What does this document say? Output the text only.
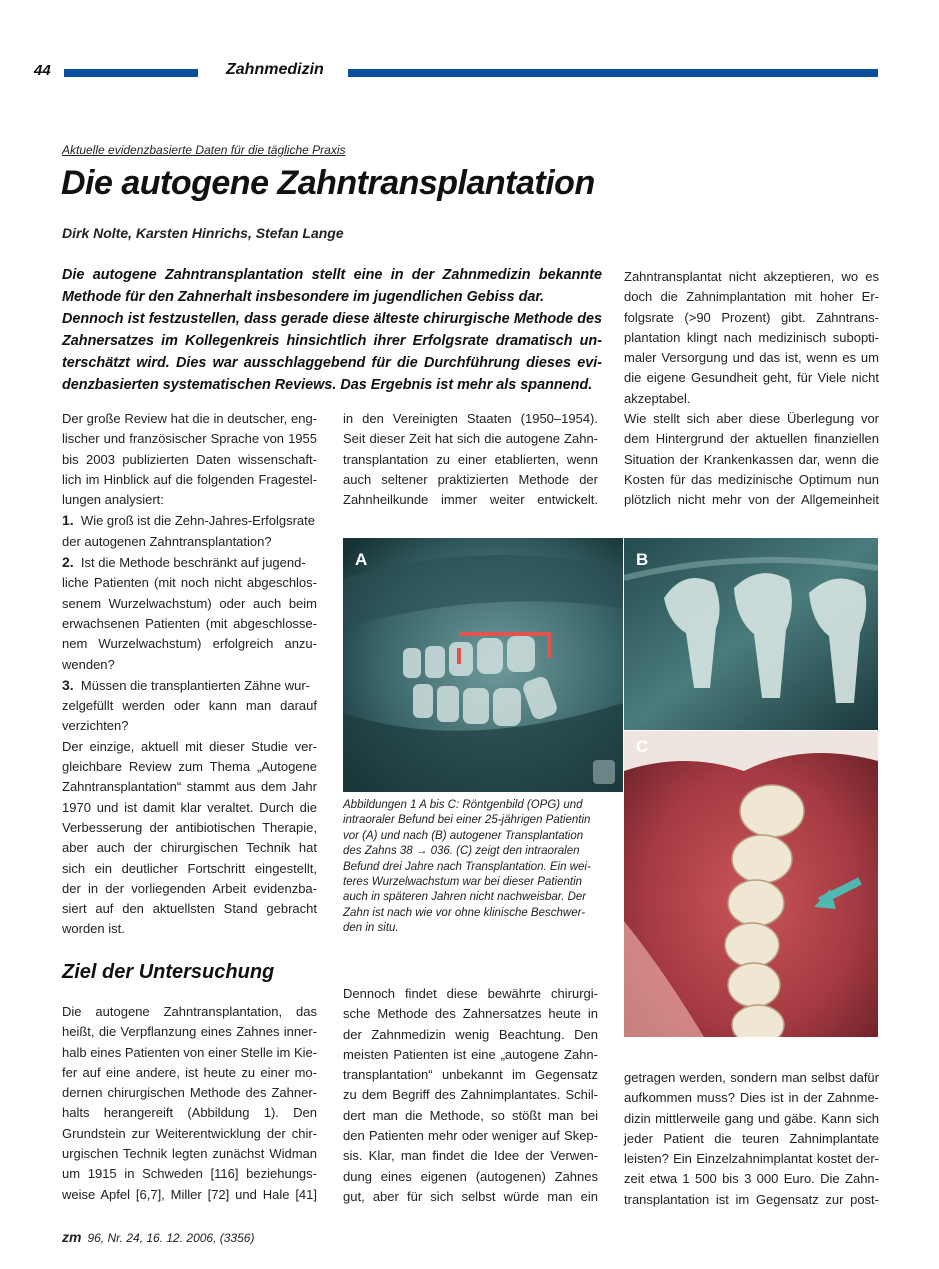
44	Zahnmedizin
Aktuelle evidenzbasierte Daten für die tägliche Praxis
Die autogene Zahntransplantation
Dirk Nolte, Karsten Hinrichs, Stefan Lange
Die autogene Zahntransplantation stellt eine in der Zahnmedizin bekannte
Methode für den Zahnerhalt insbesondere im jugendlichen Gebiss dar.
Dennoch ist festzustellen, dass gerade diese älteste chirurgische Methode des
Zahnersatzes im Kollegenkreis hinsichtlich ihrer Erfolgsrate dramatisch un-
terschätzt wird. Dies war ausschlaggebend für die Durchführung dieses evi-
denzbasierten systematischen Reviews. Das Ergebnis ist mehr als spannend.
Der große Review hat die in deutscher, eng-
lischer und französischer Sprache von 1955
bis 2003 publizierten Daten wissenschaft-
lich im Hinblick auf die folgenden Fragestel-
lungen analysiert:
1. Wie groß ist die Zehn-Jahres-Erfolgsrate
der autogenen Zahntransplantation?
2. Ist die Methode beschränkt auf jugend-
liche Patienten (mit noch nicht abgeschlos-
senem Wurzelwachstum) oder auch beim
erwachsenen Patienten (mit abgeschlosse-
nem Wurzelwachstum) erfolgreich anzu-
wenden?
3. Müssen die transplantierten Zähne wur-
zelgefüllt werden oder kann man darauf
verzichten?
Der einzige, aktuell mit dieser Studie ver-
gleichbare Review zum Thema „Autogene
Zahntransplantation“ stammt aus dem Jahr
1970 und ist damit klar veraltet. Durch die
Verbesserung der antibiotischen Therapie,
aber auch der chirurgischen Technik hat
sich ein deutlicher Fortschritt eingestellt,
der in der vorliegenden Arbeit evidenzba-
siert auf den aktuellsten Stand gebracht
worden ist.
Ziel der Untersuchung
Die autogene Zahntransplantation, das
heißt, die Verpflanzung eines Zahnes inner-
halb eines Patienten von einer Stelle im Kie-
fer auf eine andere, ist heute zu einer mo-
dernen chirurgischen Methode des Zahner-
halts herangereift (Abbildung 1). Den
Grundstein zur Weiterentwicklung der chir-
urgischen Technik legten zunächst Widman
um 1915 in Schweden [116] beziehungs-
weise Apfel [6,7], Miller [72] und Hale [41]
in den Vereinigten Staaten (1950–1954).
Seit dieser Zeit hat sich die autogene Zahn-
transplantation zu einer etablierten, wenn
auch seltener praktizierten Methode der
Zahnheilkunde immer weiter entwickelt.
A	B
C
Abbildungen 1 A bis C: Röntgenbild (OPG) und
intraoraler Befund bei einer 25-jährigen Patientin
vor (A) und nach (B) autogener Transplantation
des Zahns 38 → 036. (C) zeigt den intraoralen
Befund drei Jahre nach Transplantation. Ein wei-
teres Wurzelwachstum war bei dieser Patientin
auch in späteren Jahren nicht nachweisbar. Der
Zahn ist nach wie vor ohne klinische Beschwer-
den in situ.
Dennoch findet diese bewährte chirurgi-
sche Methode des Zahnersatzes heute in
der Zahnmedizin wenig Beachtung. Den
meisten Patienten ist eine „autogene Zahn-
transplantation“ unbekannt im Gegensatz
zu dem Begriff des Zahnimplantates. Schil-
dert man die Methode, so stößt man bei
den Patienten mehr oder weniger auf Skep-
sis. Klar, man findet die Idee der Verwen-
dung eines eigenen (autogenen) Zahnes
gut, aber für sich selbst würde man ein
Zahntransplantat nicht akzeptieren, wo es
doch die Zahnimplantation mit hoher Er-
folgsrate (>90 Prozent) gibt. Zahntrans-
plantation klingt nach medizinisch subopti-
maler Versorgung und das ist, wenn es um
die eigene Gesundheit geht, für Viele nicht
akzeptabel.
Wie stellt sich aber diese Überlegung vor
dem Hintergrund der aktuellen finanziellen
Situation der Krankenkassen dar, wenn die
Kosten für das medizinische Optimum nun
plötzlich nicht mehr von der Allgemeinheit
getragen werden, sondern man selbst dafür
aufkommen muss? Dies ist in der Zahnme-
dizin mittlerweile gang und gäbe. Kann sich
jeder Patient die teuren Zahnimplantate
leisten? Ein Einzelzahnimplantat kostet der-
zeit etwa 1 500 bis 3 000 Euro. Die Zahn-
transplantation ist im Gegensatz zur post-
zm 96, Nr. 24, 16. 12. 2006, (3356)
